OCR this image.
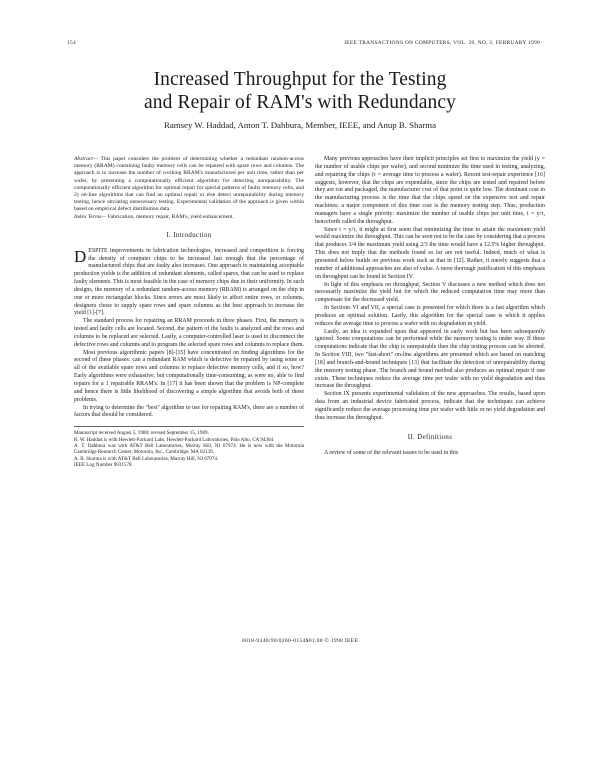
154	IEEE TRANSACTIONS ON COMPUTERS, VOL. 39, NO. 2, FEBRUARY 1990
Increased Throughput for the Testing
and Repair of RAM's with Redundancy
Ramsey W. Haddad, Anton T. Dahbura, Member, IEEE, and Anup B. Sharma

Abstract— This paper considers the problem of determining whether a redundant random-access memory (RRAM) containing faulty memory cells can be repaired with spare rows and columns. The approach is to increase the number of working RRAM's manufactured per unit time, rather than per wafer, by presenting a computationally efficient algorithm for detecting unrepairability. The computationally efficient algorithm for optimal repair for special patterns of faulty memory cells, and 2) on-line algorithms that can find an optimal repair or else detect unrepairability during memory testing, hence obviating unnecessary testing. Experimental validation of the approach is given within based on empirical defect distribution data.

Index Terms— Fabrication, memory repair, RAM's, yield enhancement.

I. Introduction

D ESPITE improvements in fabrication technologies, increased and competition is forcing the density of computer chips to be increased fast enough that the percentage of manufactured chips that are faulty also increases. One approach to maintaining acceptable production yields is the addition of redundant elements, called spares, that can be used to replace faulty elements. This is most feasible in the case of memory chips due to their uniformity. In such designs, the memory of a redundant random-access memory (RRAM) is arranged on the chip in one or more rectangular blocks. Since errors are most likely to affect entire rows, or columns, designers chose to supply spare rows and spare columns as the best approach to increase the yield [1]-[7].

The standard process for repairing an RRAM proceeds in three phases. First, the memory is tested and faulty cells are located. Second, the pattern of the faults is analyzed and the rows and columns to be replaced are selected. Lastly, a computer-controlled laser is used to disconnect the defective rows and columns and to program the selected spare rows and columns to replace them.

Most previous algorithmic papers [8]-[15] have concentrated on finding algorithms for the second of these phases: can a redundant RAM which is defective be repaired by using some or all of the available spare rows and columns to replace defective memory cells, and if so, how? Early algorithms were exhaustive, but computationally time-consuming; as were no, able to find repairs for a 1 repairable RRAM's. In [17] it has been shown that the problem is NP-complete and hence there is little likelihood of discovering a simple algorithm that avoids both of these problems.

In trying to determine the "best" algorithm to use for repairing RAM's, there are a number of factors that should be considered.

Manuscript received August 5, 1988; revised September 15, 1989.
R. W. Haddad is with Hewlett-Packard Labs, Hewlett-Packard Laboratories, Palo Alto, CA 94304.
A. T. Dahbura was with AT&T Bell Laboratories, Murray Hill, NJ 07974. He is now with the Motorola Cambridge Research Center, Motorola, Inc., Cambridge, MA 02139.
A. B. Sharma is with AT&T Bell Laboratories, Murray Hill, NJ 07974.
IEEE Log Number 9031578.

Many previous approaches have their implicit principles set first to maximize the yield (y = the number of usable chips per wafer), and second minimize the time used in testing, analyzing, and repairing the chips (τ = average time to process a wafer). Recent test-repair experience [16] suggests, however, that the chips are expendable, since the chips are tested and repaired before they are cut and packaged, the manufacturer cost of that point is quite low. The dominant cost in the manufacturing process is the time that the chips spend on the expensive test and repair machines; a major component of this time cost is the memory testing step. Thus, production managers have a single priority: maximize the number of usable chips per unit time, t = y/τ, henceforth called the throughput.

Since t = y/τ, it might at first seem that minimizing the time to attain the maximum yield would maximize the throughput. This can be seen not to be the case by considering that a process that produces 3/4 the maximum yield using 2/3 the time would have a 12.5% higher throughput. This does not imply that the methods found so far are not useful. Indeed, much of what is presented below builds on previous work such as that in [12]. Rather, it merely suggests that a number of additional approaches are also of value. A more thorough justification of this emphasis on throughput can be found in Section IV.

In light of this emphasis on throughput, Section V discusses a new method which does not necessarily maximize the yield but for which the reduced computation time may more than compensate for the decreased yield.

In Sections VI and VII, a special case is presented for which there is a fast algorithm which produces an optimal solution. Lastly, this algorithm for the special case is which it applies reduces the average time to process a wafer with no degradation in yield.

Lastly, an idea is expanded upon that appeared in early work but has been subsequently ignored. Some computations can be performed while the memory testing is under way. If these computations indicate that the chip is unrepairable then the chip testing process can be aborted. In Section VIII, two "fast-abort" on-line algorithms are presented which are based on matching [18] and branch-and-bound techniques [13] that facilitate the detection of unrepairability during the memory testing phase. The branch and bound method also produces an optimal repair if one exists. These techniques reduce the average time per wafer with no yield degradation and thus increase the throughput.

Section IX presents experimental validation of the new approaches. The results, based upon data from an industrial device fabricated process, indicate that the techniques can achieve significantly reduce the average processing time per wafer with little or no yield degradation and thus increase the throughput.

II. Definitions

A review of some of the relevant issues to be used in this

0018-9340/90/0200-0154$01.00 © 1990 IEEE
